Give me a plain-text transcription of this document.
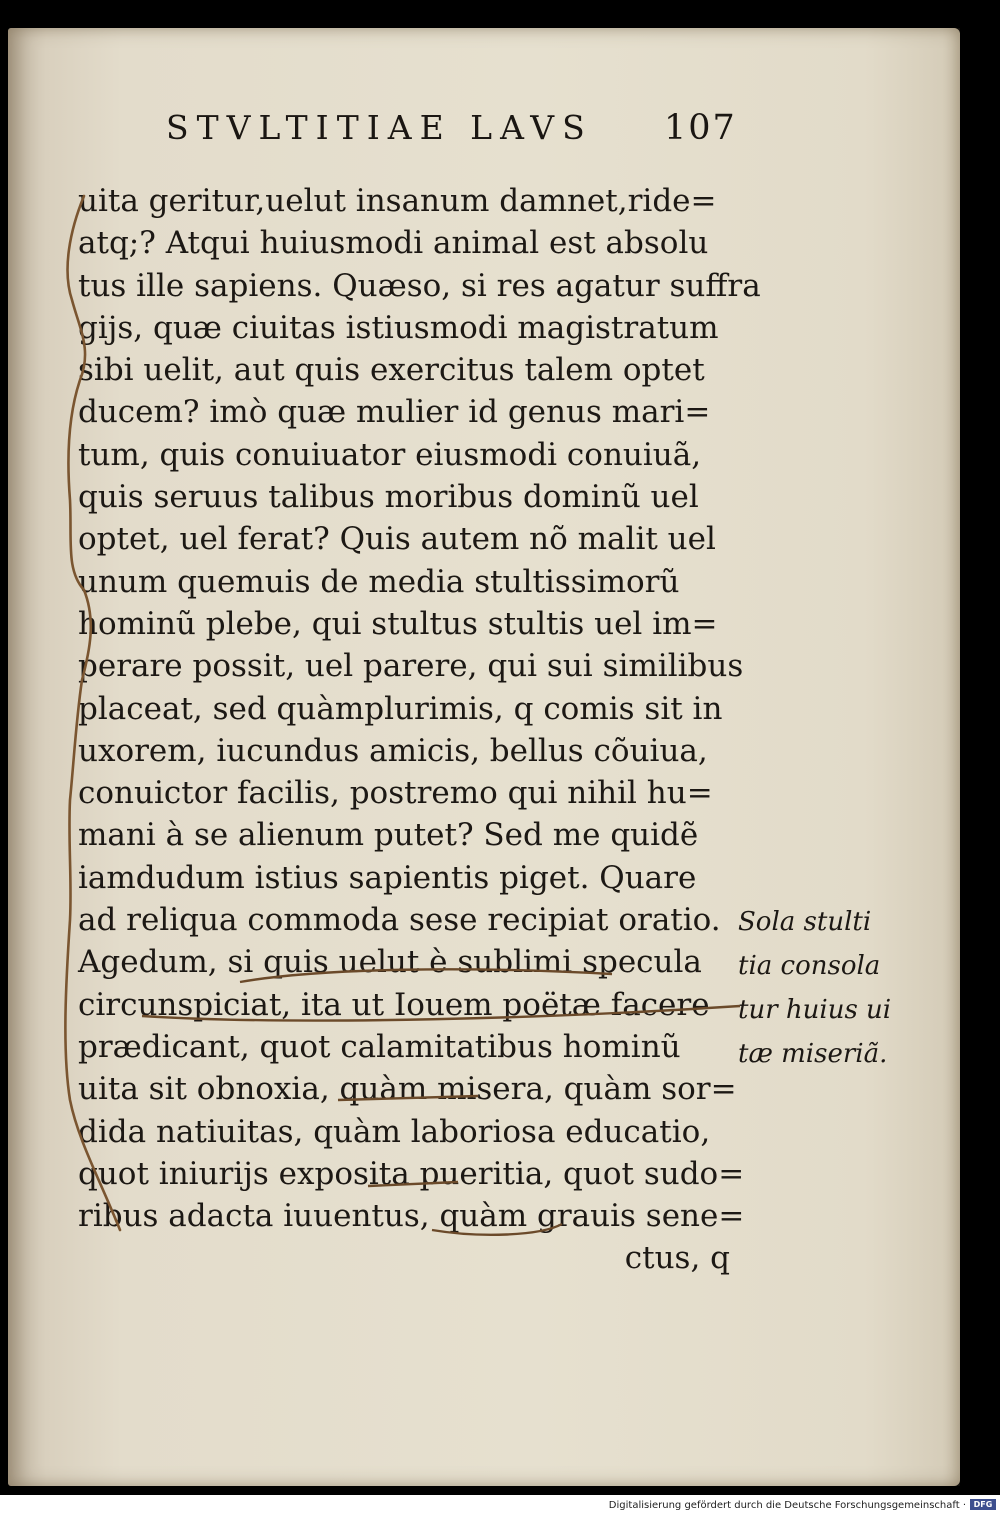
STVLTITIAE LAVS 107
uita geritur,uelut insanum damnet,ride=
atq;? Atqui huiusmodi animal est absolu
tus ille sapiens. Quæso, si res agatur suffra
gijs, quæ ciuitas istiusmodi magistratum
sibi uelit, aut quis exercitus talem optet
ducem? imò quæ mulier id genus mari=
tum, quis conuiuator eiusmodi conuiuã,
quis seruus talibus moribus dominũ uel
optet, uel ferat? Quis autem nõ malit uel
unum quemuis de media stultissimorũ
hominũ plebe, qui stultus stultis uel im=
perare possit, uel parere, qui sui similibus
placeat, sed quàmplurimis, q comis sit in
uxorem, iucundus amicis, bellus cõuiua,
conuictor facilis, postremo qui nihil hu=
mani à se alienum putet? Sed me quidẽ
iamdudum istius sapientis piget. Quare
ad reliqua commoda sese recipiat oratio.
Agedum, si quis uelut è sublimi specula
circunspiciat, ita ut Iouem poëtæ facere
prædicant, quot calamitatibus hominũ
uita sit obnoxia, quàm misera, quàm sor=
dida natiuitas, quàm laboriosa educatio,
quot iniurijs exposita pueritia, quot sudo=
ribus adacta iuuentus, quàm grauis sene=
ctus, q
Sola stulti
tia consola
tur huius ui
tæ miseriã.
Digitalisierung gefördert durch die Deutsche Forschungsgemeinschaft · DFG
